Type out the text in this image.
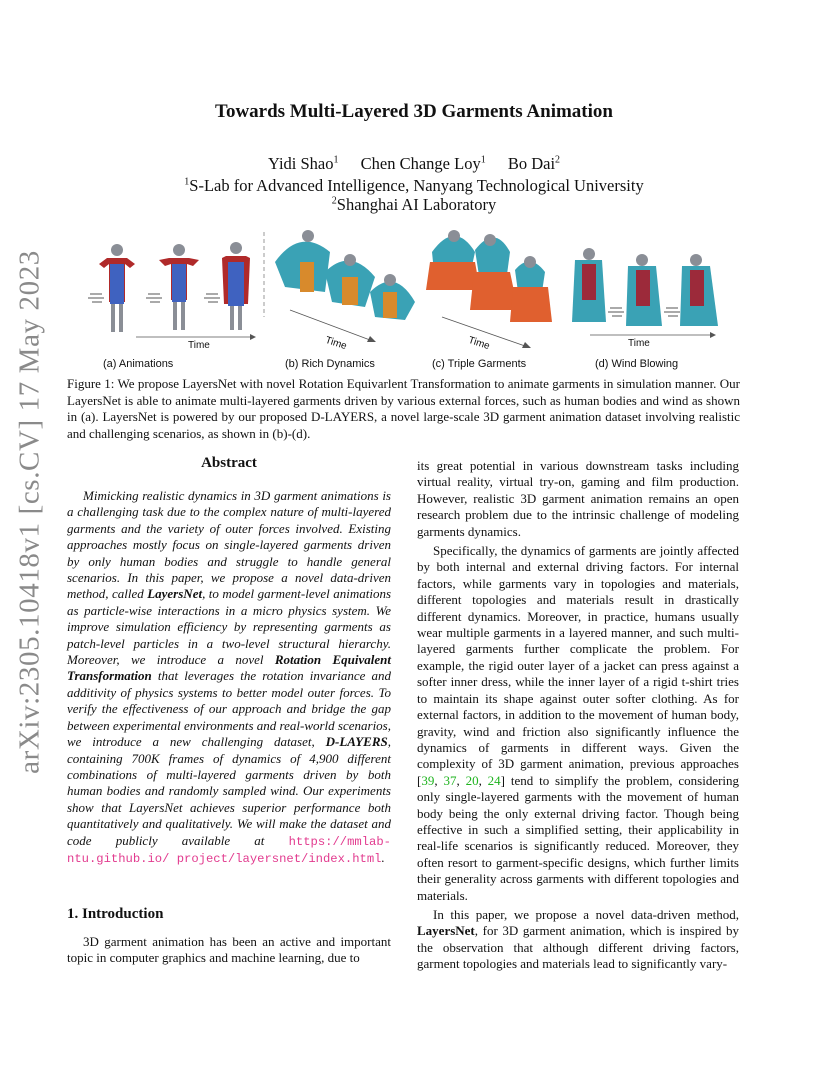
arXiv:2305.10418v1 [cs.CV] 17 May 2023
Towards Multi-Layered 3D Garments Animation
Yidi Shao$^1$ Chen Change Loy$^1$ Bo Dai$^2$
$^1$S-Lab for Advanced Intelligence, Nanyang Technological University
$^2$Shanghai AI Laboratory
(a) Animations	(b) Rich Dynamics	(c) Triple Garments	(d) Wind Blowing
Time	Time	Time	Time
Figure 1: We propose LayersNet with novel Rotation Equivarlent Transformation to animate garments in simulation manner. Our LayersNet is able to animate multi-layered garments driven by various external forces, such as human bodies and wind as shown in (a). LayersNet is powered by our proposed D-LAYERS, a novel large-scale 3D garment animation dataset involving realistic and challenging scenarios, as shown in (b)-(d).
Abstract

Mimicking realistic dynamics in 3D garment animations is a challenging task due to the complex nature of multi-layered garments and the variety of outer forces involved. Existing approaches mostly focus on single-layered garments driven by only human bodies and struggle to handle general scenarios. In this paper, we propose a novel data-driven method, called LayersNet, to model garment-level animations as particle-wise interactions in a micro physics system. We improve simulation efficiency by representing garments as patch-level particles in a two-level structural hierarchy. Moreover, we introduce a novel Rotation Equivalent Transformation that leverages the rotation invariance and additivity of physics systems to better model outer forces. To verify the effectiveness of our approach and bridge the gap between experimental environments and real-world scenarios, we introduce a new challenging dataset, D-LAYERS, containing 700K frames of dynamics of 4,900 different combinations of multi-layered garments driven by both human bodies and randomly sampled wind. Our experiments show that LayersNet achieves superior performance both quantitatively and qualitatively. We will make the dataset and code publicly available at https://mmlab-ntu.github.io/ project/layersnet/index.html.

1. Introduction

3D garment animation has been an active and important topic in computer graphics and machine learning, due to

its great potential in various downstream tasks including virtual reality, virtual try-on, gaming and film production. However, realistic 3D garment animation remains an open research problem due to the intrinsic challenge of modeling garments dynamics.

Specifically, the dynamics of garments are jointly affected by both internal and external driving factors. For internal factors, while garments vary in topologies and materials, different topologies and materials result in drastically different dynamics. Moreover, in practice, humans usually wear multiple garments in a layered manner, and such multi-layered garments further complicate the problem. For example, the rigid outer layer of a jacket can press against a softer inner dress, while the inner layer of a rigid t-shirt tries to maintain its shape against outer softer clothing. As for external factors, in addition to the movement of human body, gravity, wind and friction also significantly influence the dynamics of garments in different ways. Given the complexity of 3D garment animation, previous approaches [39, 37, 20, 24] tend to simplify the problem, considering only single-layered garments with the movement of human body being the only external driving factor. Though being effective in such a simplified setting, their applicability in real-life scenarios is significantly reduced. Moreover, they often resort to garment-specific designs, which further limits their generality across garments with different topologies and materials.

In this paper, we propose a novel data-driven method, LayersNet, for 3D garment animation, which is inspired by the observation that although different driving factors, garment topologies and materials lead to significantly vary-
